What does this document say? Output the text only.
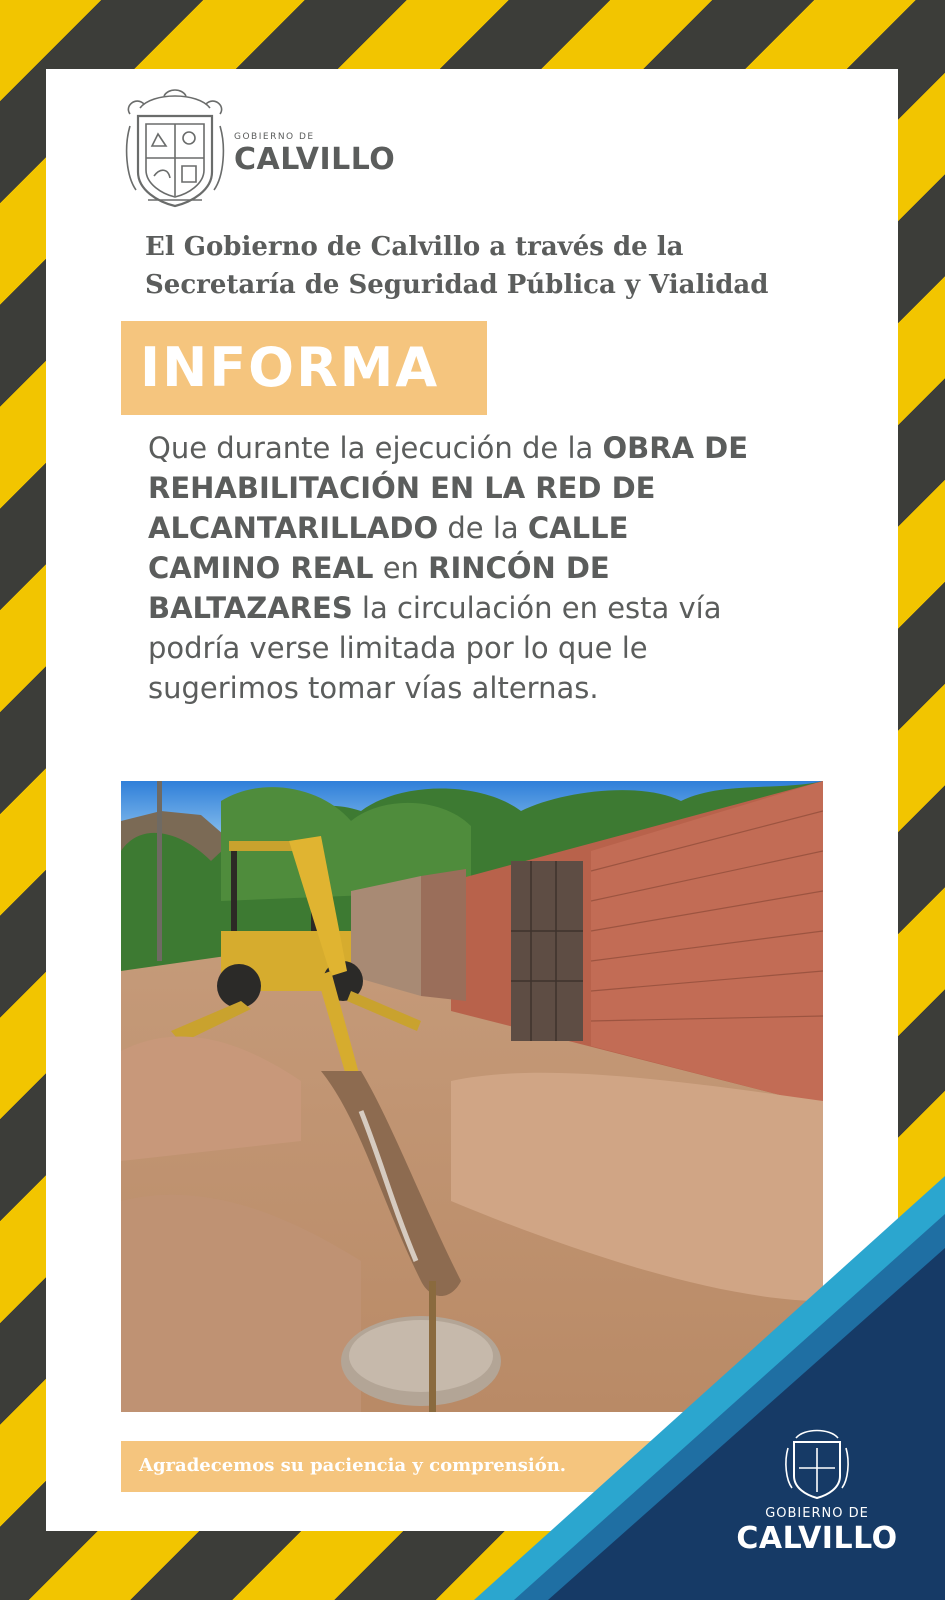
GOBIERNO DE
CALVILLO
El Gobierno de Calvillo a través de la
Secretaría de Seguridad Pública y Vialidad
INFORMA
Que durante la ejecución de la OBRA DE REHABILITACIÓN EN LA RED DE ALCANTARILLADO de la CALLE CAMINO REAL en RINCÓN DE BALTAZARES la circulación en esta vía podría verse limitada por lo que le sugerimos tomar vías alternas.
Agradecemos su paciencia y comprensión.
GOBIERNO DE
CALVILLO
